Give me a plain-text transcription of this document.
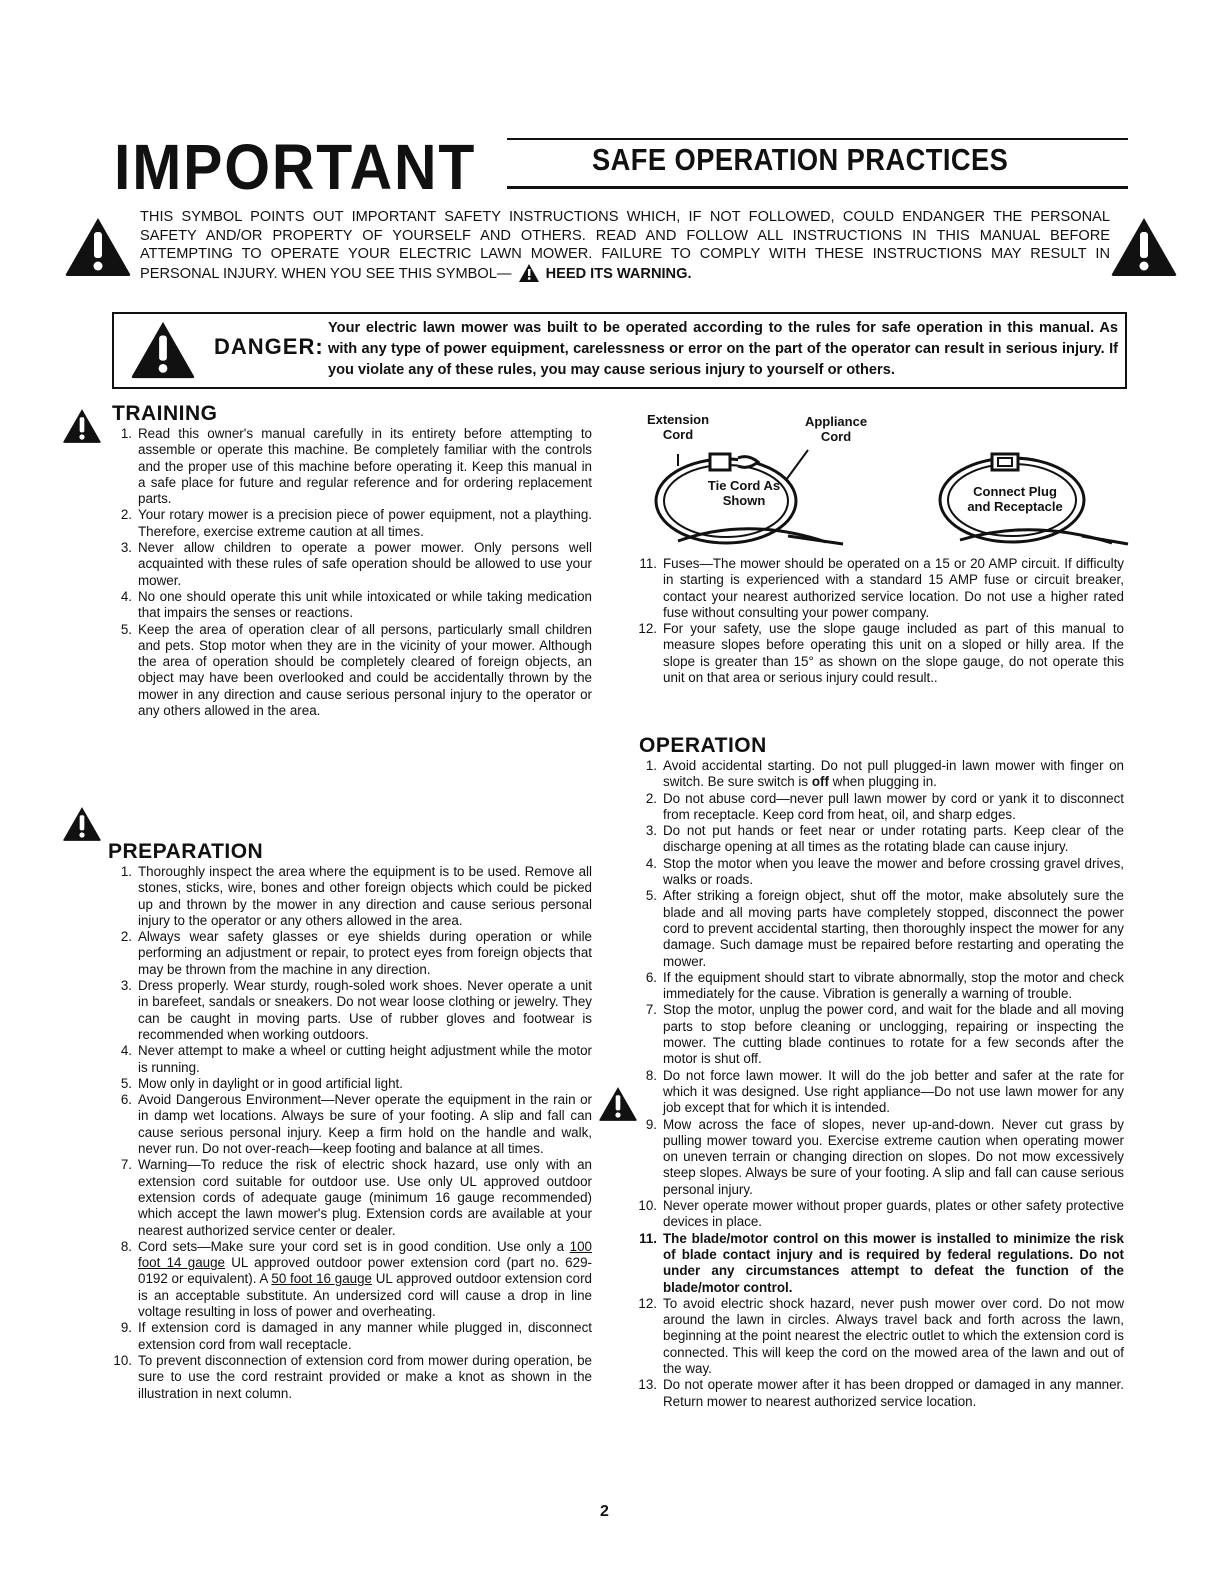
IMPORTANT	SAFE OPERATION PRACTICES
THIS SYMBOL POINTS OUT IMPORTANT SAFETY INSTRUCTIONS WHICH, IF NOT FOLLOWED, COULD ENDANGER THE PERSONAL SAFETY AND/OR PROPERTY OF YOURSELF AND OTHERS. READ AND FOLLOW ALL INSTRUCTIONS IN THIS MANUAL BEFORE ATTEMPTING TO OPERATE YOUR ELECTRIC LAWN MOWER. FAILURE TO COMPLY WITH THESE INSTRUCTIONS MAY RESULT IN PERSONAL INJURY. WHEN YOU SEE THIS SYMBOL— HEED ITS WARNING.
DANGER:
Your electric lawn mower was built to be operated according to the rules for safe operation in this manual. As with any type of power equipment, carelessness or error on the part of the operator can result in serious injury. If you violate any of these rules, you may cause serious injury to yourself or others.
TRAINING
1. Read this owner's manual carefully in its entirety before attempting to assemble or operate this machine. Be completely familiar with the controls and the proper use of this machine before operating it. Keep this manual in a safe place for future and regular reference and for ordering replacement parts.
2. Your rotary mower is a precision piece of power equipment, not a plaything. Therefore, exercise extreme caution at all times.
3. Never allow children to operate a power mower. Only persons well acquainted with these rules of safe operation should be allowed to use your mower.
4. No one should operate this unit while intoxicated or while taking medication that impairs the senses or reactions.
5. Keep the area of operation clear of all persons, particularly small children and pets. Stop motor when they are in the vicinity of your mower. Although the area of operation should be completely cleared of foreign objects, an object may have been overlooked and could be accidentally thrown by the mower in any direction and cause serious personal injury to the operator or any others allowed in the area.
PREPARATION
1. Thoroughly inspect the area where the equipment is to be used. Remove all stones, sticks, wire, bones and other foreign objects which could be picked up and thrown by the mower in any direction and cause serious personal injury to the operator or any others allowed in the area.
2. Always wear safety glasses or eye shields during operation or while performing an adjustment or repair, to protect eyes from foreign objects that may be thrown from the machine in any direction.
3. Dress properly. Wear sturdy, rough-soled work shoes. Never operate a unit in barefeet, sandals or sneakers. Do not wear loose clothing or jewelry. They can be caught in moving parts. Use of rubber gloves and footwear is recommended when working outdoors.
4. Never attempt to make a wheel or cutting height adjustment while the motor is running.
5. Mow only in daylight or in good artificial light.
6. Avoid Dangerous Environment—Never operate the equipment in the rain or in damp wet locations. Always be sure of your footing. A slip and fall can cause serious personal injury. Keep a firm hold on the handle and walk, never run. Do not over-reach—keep footing and balance at all times.
7. Warning—To reduce the risk of electric shock hazard, use only with an extension cord suitable for outdoor use. Use only UL approved outdoor extension cords of adequate gauge (minimum 16 gauge recommended) which accept the lawn mower's plug. Extension cords are available at your nearest authorized service center or dealer.
8. Cord sets—Make sure your cord set is in good condition. Use only a 100 foot 14 gauge UL approved outdoor power extension cord (part no. 629-0192 or equivalent). A 50 foot 16 gauge UL approved outdoor extension cord is an acceptable substitute. An undersized cord will cause a drop in line voltage resulting in loss of power and overheating.
9. If extension cord is damaged in any manner while plugged in, disconnect extension cord from wall receptacle.
10. To prevent disconnection of extension cord from mower during operation, be sure to use the cord restraint provided or make a knot as shown in the illustration in next column.
Extension Cord
Appliance Cord
Tie Cord As Shown
Connect Plug and Receptacle
11. Fuses—The mower should be operated on a 15 or 20 AMP circuit. If difficulty in starting is experienced with a standard 15 AMP fuse or circuit breaker, contact your nearest authorized service location. Do not use a higher rated fuse without consulting your power company.
12. For your safety, use the slope gauge included as part of this manual to measure slopes before operating this unit on a sloped or hilly area. If the slope is greater than 15° as shown on the slope gauge, do not operate this unit on that area or serious injury could result..
OPERATION
1. Avoid accidental starting. Do not pull plugged-in lawn mower with finger on switch. Be sure switch is off when plugging in.
2. Do not abuse cord—never pull lawn mower by cord or yank it to disconnect from receptacle. Keep cord from heat, oil, and sharp edges.
3. Do not put hands or feet near or under rotating parts. Keep clear of the discharge opening at all times as the rotating blade can cause injury.
4. Stop the motor when you leave the mower and before crossing gravel drives, walks or roads.
5. After striking a foreign object, shut off the motor, make absolutely sure the blade and all moving parts have completely stopped, disconnect the power cord to prevent accidental starting, then thoroughly inspect the mower for any damage. Such damage must be repaired before restarting and operating the mower.
6. If the equipment should start to vibrate abnormally, stop the motor and check immediately for the cause. Vibration is generally a warning of trouble.
7. Stop the motor, unplug the power cord, and wait for the blade and all moving parts to stop before cleaning or unclogging, repairing or inspecting the mower. The cutting blade continues to rotate for a few seconds after the motor is shut off.
8. Do not force lawn mower. It will do the job better and safer at the rate for which it was designed. Use right appliance—Do not use lawn mower for any job except that for which it is intended.
9. Mow across the face of slopes, never up-and-down. Never cut grass by pulling mower toward you. Exercise extreme caution when operating mower on uneven terrain or changing direction on slopes. Do not mow excessively steep slopes. Always be sure of your footing. A slip and fall can cause serious personal injury.
10. Never operate mower without proper guards, plates or other safety protective devices in place.
11. The blade/motor control on this mower is installed to minimize the risk of blade contact injury and is required by federal regulations. Do not under any circumstances attempt to defeat the function of the blade/motor control.
12. To avoid electric shock hazard, never push mower over cord. Do not mow around the lawn in circles. Always travel back and forth across the lawn, beginning at the point nearest the electric outlet to which the extension cord is connected. This will keep the cord on the mowed area of the lawn and out of the way.
13. Do not operate mower after it has been dropped or damaged in any manner. Return mower to nearest authorized service location.
2
